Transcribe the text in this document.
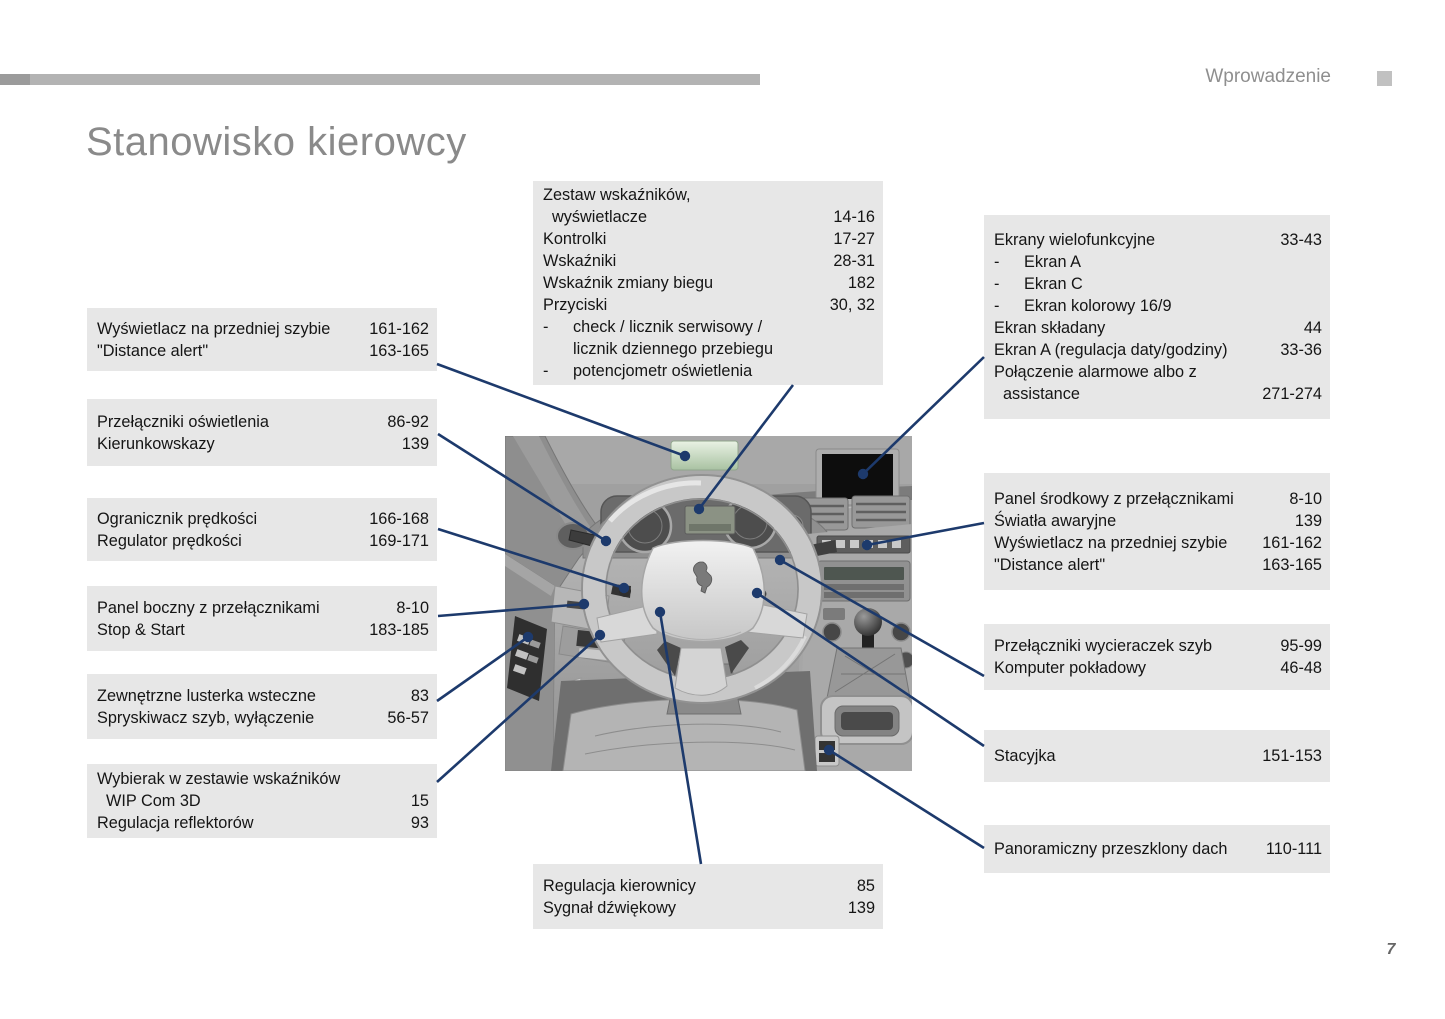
Wprowadzenie
Stanowisko kierowcy
Wyświetlacz na przedniej szybie	161-162
"Distance alert"	163-165
Przełączniki oświetlenia	86-92
Kierunkowskazy	139
Ogranicznik prędkości	166-168
Regulator prędkości	169-171
Panel boczny z przełącznikami	8-10
Stop & Start	183-185
Zewnętrzne lusterka wsteczne	83
Spryskiwacz szyb, wyłączenie	56-57
Wybierak w zestawie wskaźników
WIP Com 3D	15
Regulacja reflektorów	93
Zestaw wskaźników,
wyświetlacze	14-16
Kontrolki	17-27
Wskaźniki	28-31
Wskaźnik zmiany biegu	182
Przyciski	30, 32
-	check / licznik serwisowy /
licznik dziennego przebiegu
-	potencjometr oświetlenia
Ekrany wielofunkcyjne	33-43
-	Ekran A
-	Ekran C
-	Ekran kolorowy 16/9
Ekran składany	44
Ekran A (regulacja daty/godziny)	33-36
Połączenie alarmowe albo z
assistance	271-274
Panel środkowy z przełącznikami	8-10
Światła awaryjne	139
Wyświetlacz na przedniej szybie	161-162
"Distance alert"	163-165
Przełączniki wycieraczek szyb	95-99
Komputer pokładowy	46-48
Stacyjka	151-153
Panoramiczny przeszklony dach	110-111
Regulacja kierownicy	85
Sygnał dźwiękowy	139
7
